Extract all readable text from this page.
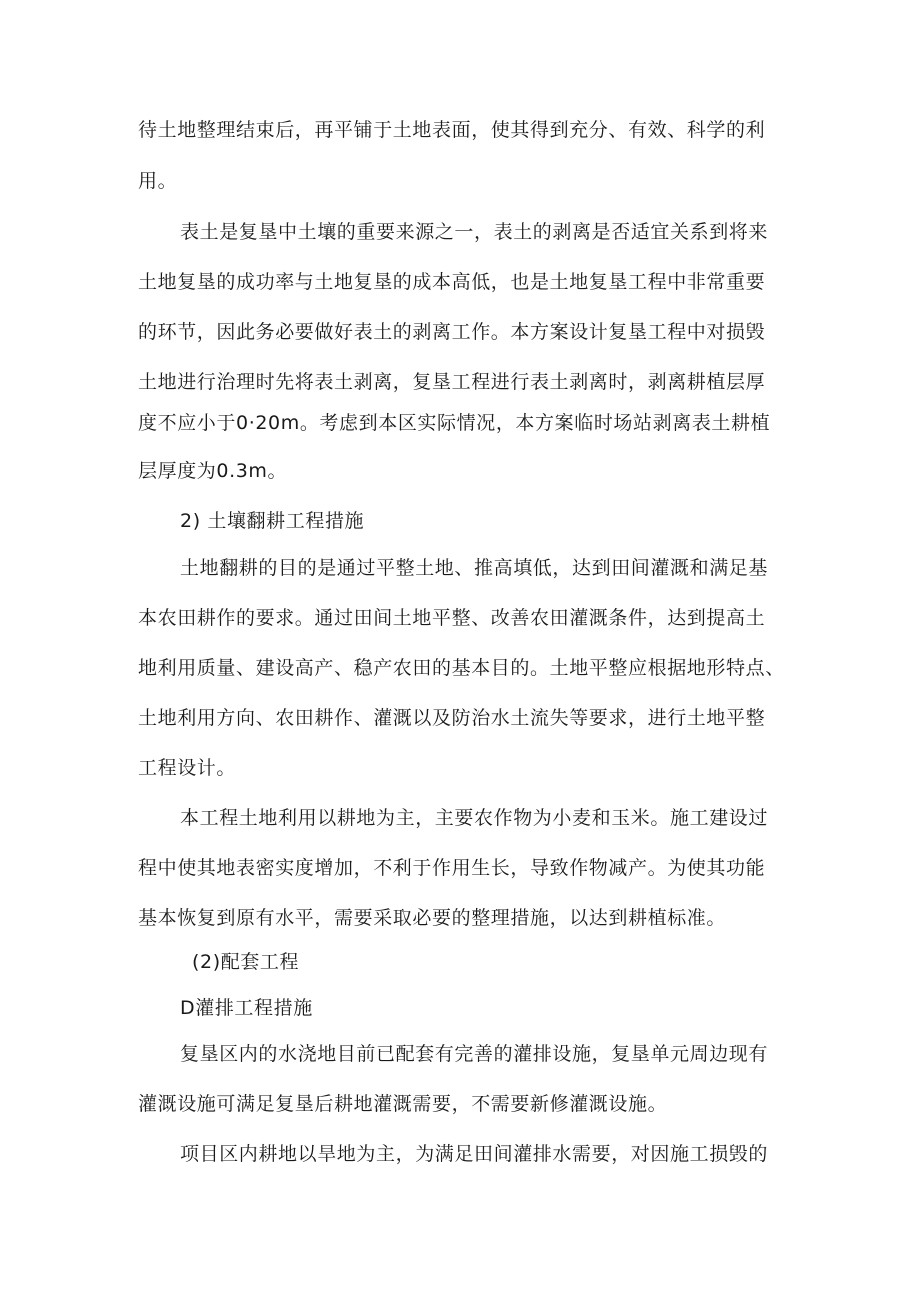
待土地整理结束后，再平铺于土地表面，使其得到充分、有效、科学的利
用。
表土是复垦中土壤的重要来源之一，表土的剥离是否适宜关系到将来
土地复垦的成功率与土地复垦的成本高低，也是土地复垦工程中非常重要
的环节，因此务必要做好表土的剥离工作。本方案设计复垦工程中对损毁
土地进行治理时先将表土剥离，复垦工程进行表土剥离时，剥离耕植层厚
度不应小于0·20m。考虑到本区实际情况，本方案临时场站剥离表土耕植
层厚度为0.3m。
2) 土壤翻耕工程措施
土地翻耕的目的是通过平整土地、推高填低，达到田间灌溉和满足基
本农田耕作的要求。通过田间土地平整、改善农田灌溉条件，达到提高土
地利用质量、建设高产、稳产农田的基本目的。土地平整应根据地形特点、
土地利用方向、农田耕作、灌溉以及防治水土流失等要求，进行土地平整
工程设计。
本工程土地利用以耕地为主，主要农作物为小麦和玉米。施工建设过
程中使其地表密实度增加，不利于作用生长，导致作物减产。为使其功能
基本恢复到原有水平，需要采取必要的整理措施，以达到耕植标准。
(2)配套工程
D灌排工程措施
复垦区内的水浇地目前已配套有完善的灌排设施，复垦单元周边现有
灌溉设施可满足复垦后耕地灌溉需要，不需要新修灌溉设施。
项目区内耕地以旱地为主，为满足田间灌排水需要，对因施工损毁的
